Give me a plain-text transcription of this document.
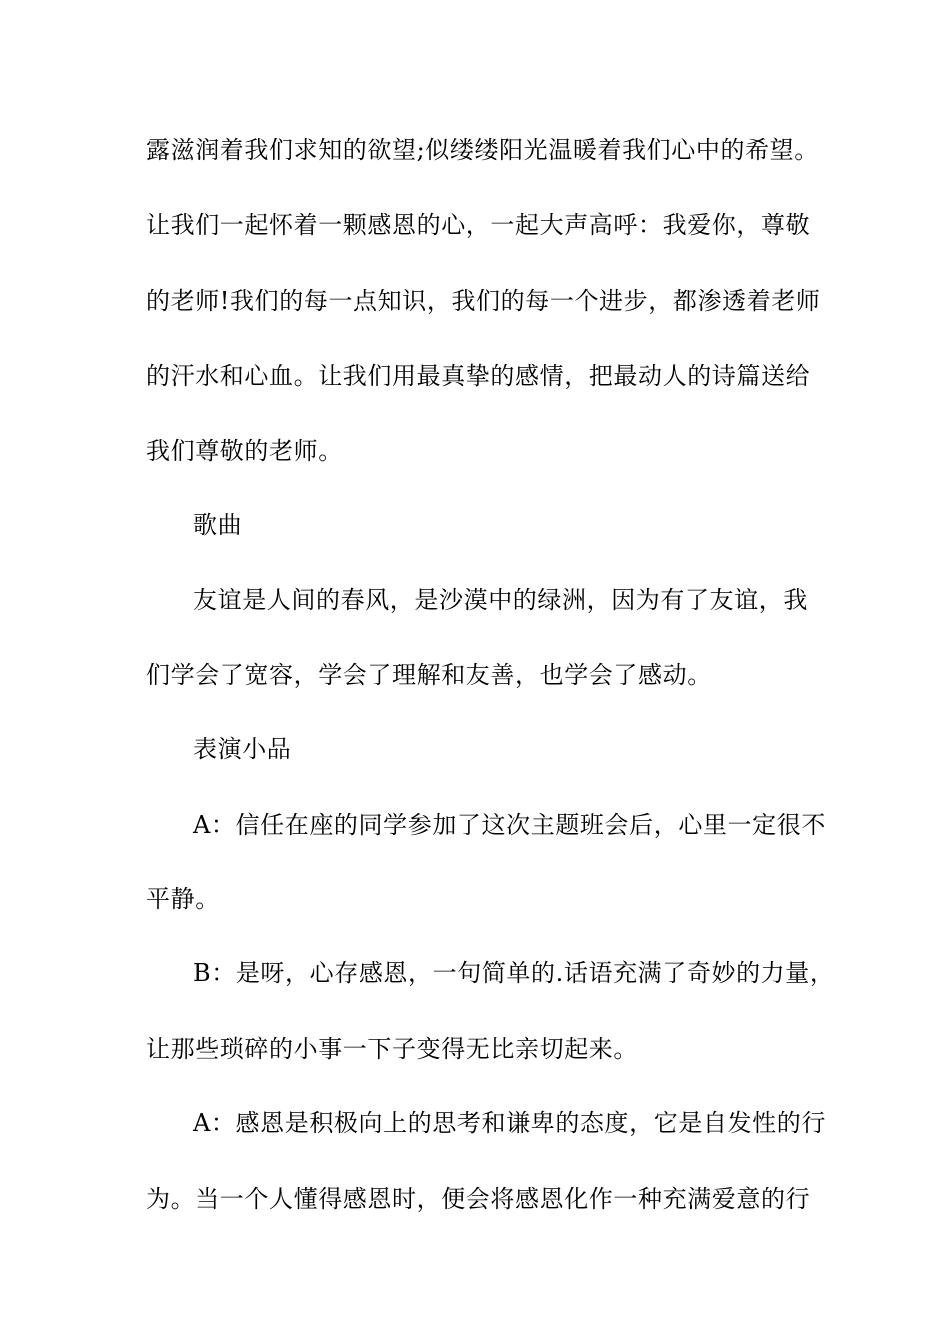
露滋润着我们求知的欲望;似缕缕阳光温暖着我们心中的希望。
让我们一起怀着一颗感恩的心，一起大声高呼：我爱你，尊敬
的老师!我们的每一点知识，我们的每一个进步，都渗透着老师
的汗水和心血。让我们用最真挚的感情，把最动人的诗篇送给
我们尊敬的老师。
歌曲
友谊是人间的春风，是沙漠中的绿洲，因为有了友谊，我
们学会了宽容，学会了理解和友善，也学会了感动。
表演小品
A：信任在座的同学参加了这次主题班会后，心里一定很不
平静。
B：是呀，心存感恩，一句简单的.话语充满了奇妙的力量，
让那些琐碎的小事一下子变得无比亲切起来。
A：感恩是积极向上的思考和谦卑的态度，它是自发性的行
为。当一个人懂得感恩时，便会将感恩化作一种充满爱意的行
